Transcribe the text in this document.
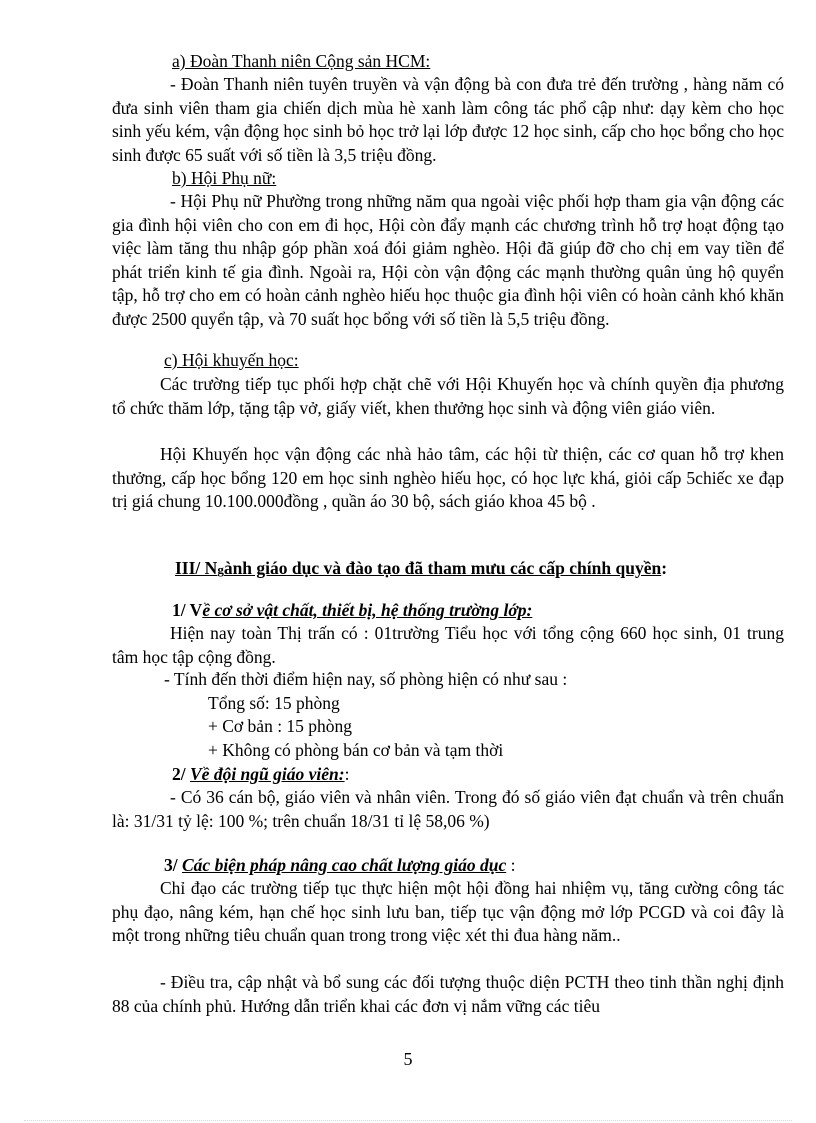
a) Đoàn Thanh niên Cộng sản HCM:

- Đoàn Thanh niên tuyên truyền và vận động bà con đưa trẻ đến trường , hàng năm có đưa sinh viên tham gia chiến dịch mùa hè xanh làm công tác phổ cập như: dạy kèm cho học sinh yếu kém, vận động học sinh bỏ học trở lại lớp được 12 học sinh, cấp cho học bổng cho học sinh được 65 suất với số tiền là 3,5 triệu đồng.

b) Hội Phụ nữ:

- Hội Phụ nữ Phường trong những năm qua ngoài việc phối hợp tham gia vận động các gia đình hội viên cho con em đi học, Hội còn đẩy mạnh các chương trình hỗ trợ hoạt động tạo việc làm tăng thu nhập góp phần xoá đói giảm nghèo. Hội đã giúp đỡ cho chị em vay tiền để phát triển kinh tế gia đình. Ngoài ra, Hội còn vận động các mạnh thường quân ủng hộ quyển tập, hỗ trợ cho em có hoàn cảnh nghèo hiếu học thuộc gia đình hội viên có hoàn cảnh khó khăn được 2500 quyển tập, và 70 suất học bổng với số tiền là 5,5 triệu đồng.

c) Hội khuyến học:

Các trường tiếp tục phối hợp chặt chẽ với Hội Khuyến học và chính quyền địa phương tổ chức thăm lớp, tặng tập vở, giấy viết, khen thưởng học sinh và động viên giáo viên.

Hội Khuyến học vận động các nhà hảo tâm, các hội từ thiện, các cơ quan hỗ trợ khen thưởng, cấp học bổng 120 em học sinh nghèo hiếu học, có học lực khá, giỏi cấp 5chiếc xe đạp trị giá chung 10.100.000đồng , quần áo 30 bộ, sách giáo khoa 45 bộ .

III/ Ngành giáo dục và đào tạo đã tham mưu các cấp chính quyền:
1/ Về cơ sở vật chất, thiết bị, hệ thống trường lớp:

Hiện nay toàn Thị trấn có : 01trường Tiểu học với tổng cộng 660 học sinh, 01 trung tâm học tập cộng đồng.

- Tính đến thời điểm hiện nay, số phòng hiện có như sau :
Tổng số: 15 phòng
+ Cơ bản : 15 phòng
+ Không có phòng bán cơ bản và tạm thời
2/ Về đội ngũ giáo viên::

- Có 36 cán bộ, giáo viên và nhân viên. Trong đó số giáo viên đạt chuẩn và trên chuẩn là: 31/31 tỷ lệ: 100 %; trên chuẩn 18/31 tỉ lệ 58,06 %)

3/ Các biện pháp nâng cao chất lượng giáo dục :

Chỉ đạo các trường tiếp tục thực hiện một hội đồng hai nhiệm vụ, tăng cường công tác phụ đạo, nâng kém, hạn chế học sinh lưu ban, tiếp tục vận động mở lớp PCGD và coi đây là một trong những tiêu chuẩn quan trong trong việc xét thi đua hàng năm..

- Điều tra, cập nhật và bổ sung các đối tượng thuộc diện PCTH theo tinh thần nghị định 88 của chính phủ. Hướng dẫn triển khai các đơn vị nắm vững các tiêu

5
